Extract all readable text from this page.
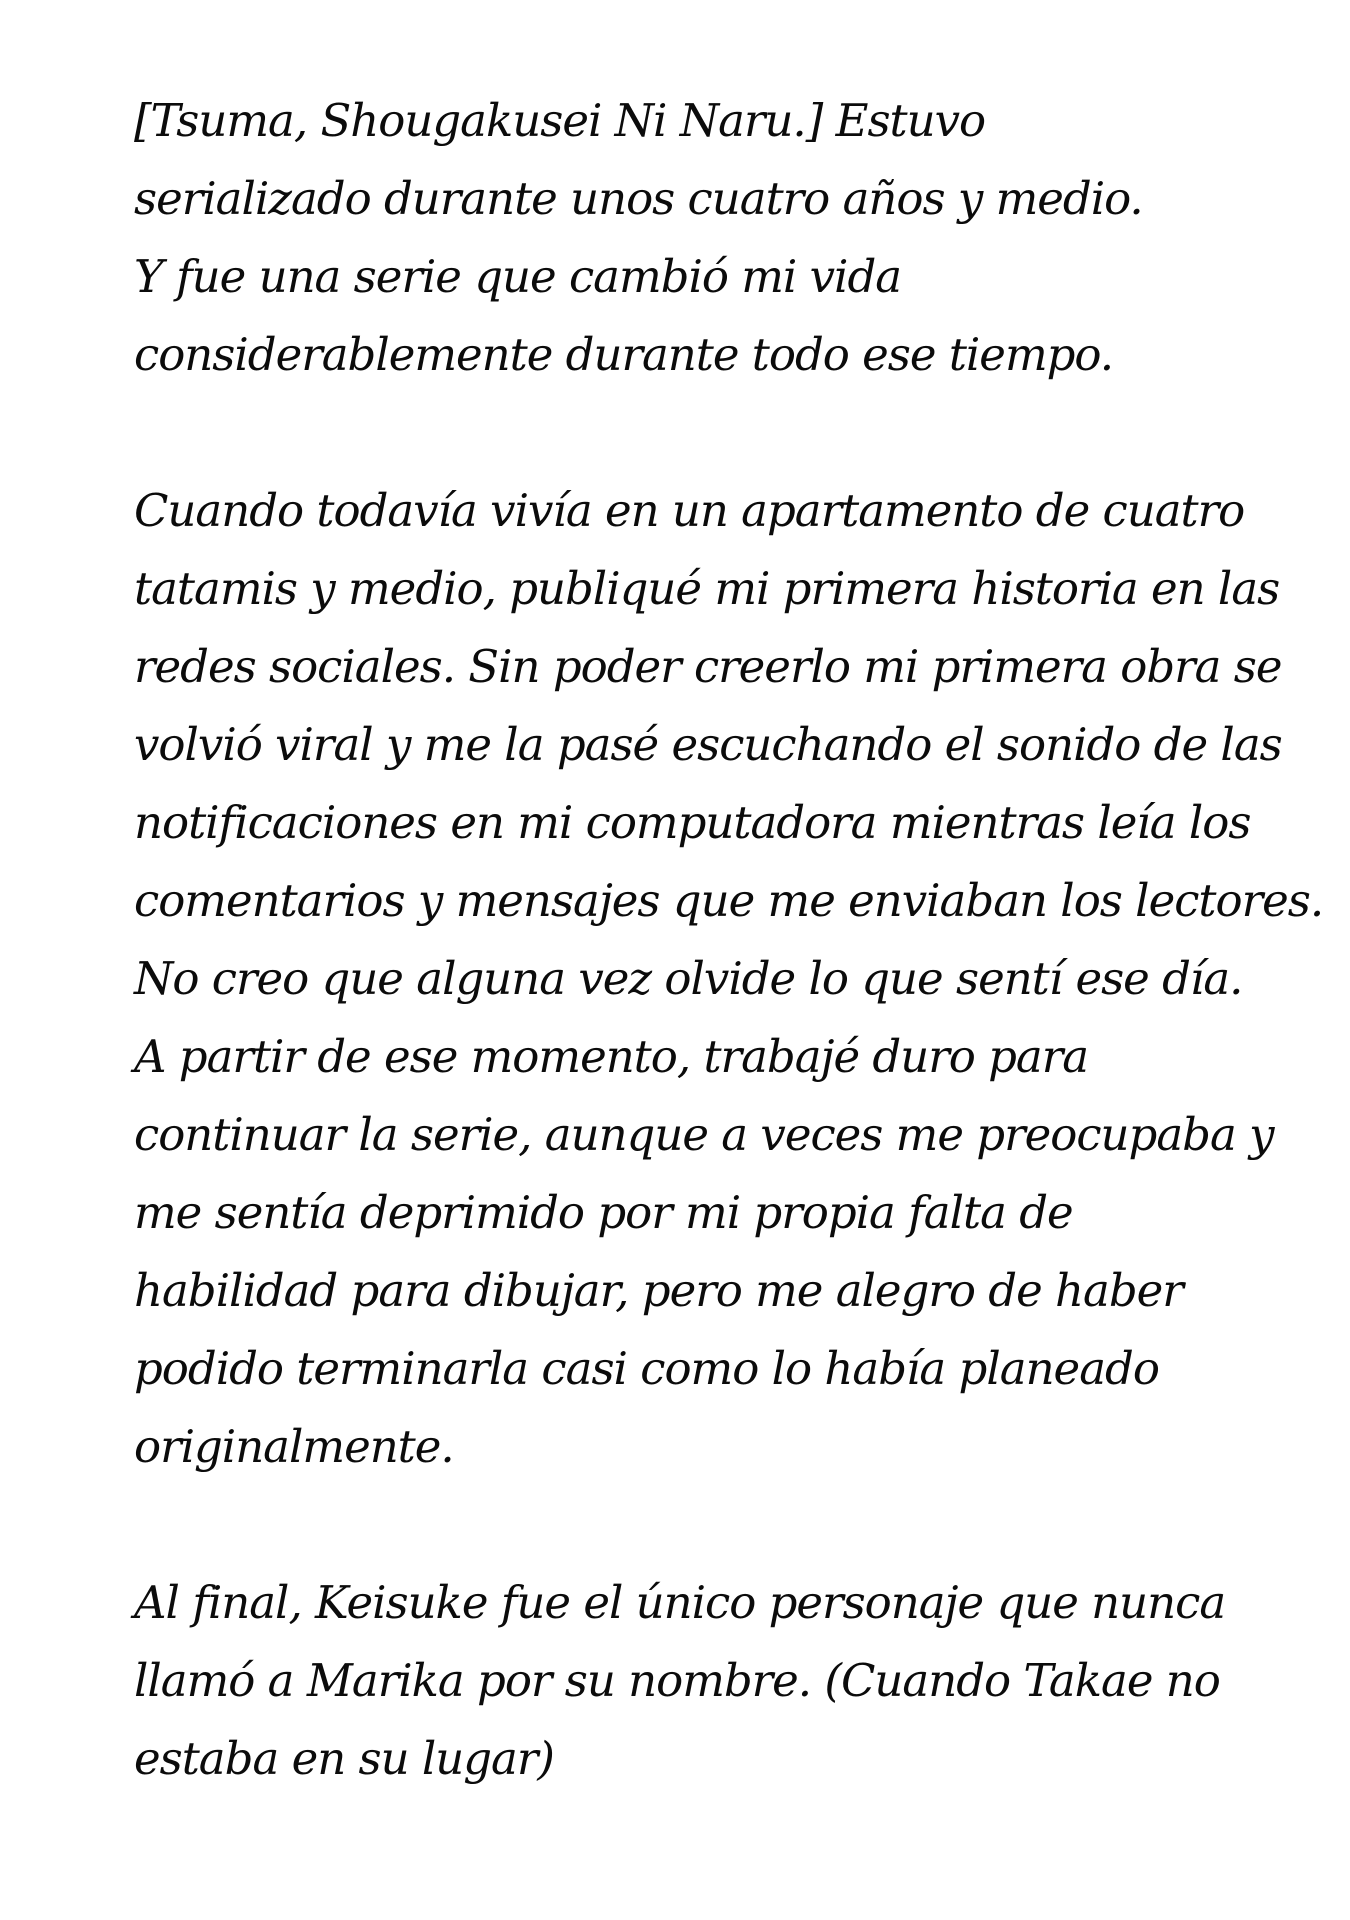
[Tsuma, Shougakusei Ni Naru.] Estuvo
serializado durante unos cuatro años y medio.
Y fue una serie que cambió mi vida
considerablemente durante todo ese tiempo.

Cuando todavía vivía en un apartamento de cuatro
tatamis y medio, publiqué mi primera historia en las
redes sociales. Sin poder creerlo mi primera obra se
volvió viral y me la pasé escuchando el sonido de las
notificaciones en mi computadora mientras leía los
comentarios y mensajes que me enviaban los lectores.
No creo que alguna vez olvide lo que sentí ese día.
A partir de ese momento, trabajé duro para
continuar la serie, aunque a veces me preocupaba y
me sentía deprimido por mi propia falta de
habilidad para dibujar, pero me alegro de haber
podido terminarla casi como lo había planeado
originalmente.

Al final, Keisuke fue el único personaje que nunca
llamó a Marika por su nombre. (Cuando Takae no
estaba en su lugar)
